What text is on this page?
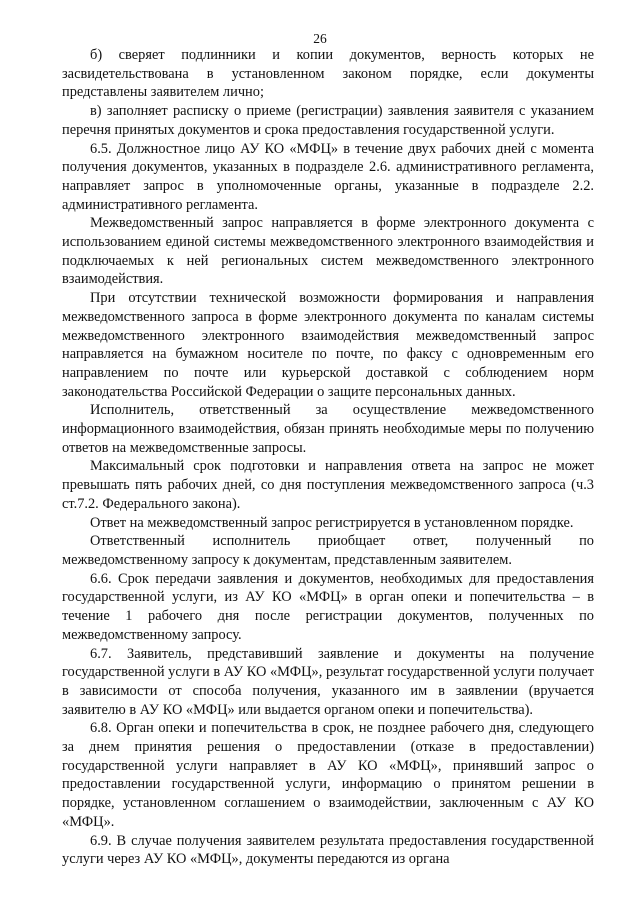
26

б) сверяет подлинники и копии документов, верность которых не засвидетельствована в установленном законом порядке, если документы представлены заявителем лично;

в) заполняет расписку о приеме (регистрации) заявления заявителя с указанием перечня принятых документов и срока предоставления государственной услуги.

6.5. Должностное лицо АУ КО «МФЦ» в течение двух рабочих дней с момента получения документов, указанных в подразделе 2.6. административного регламента, направляет запрос в уполномоченные органы, указанные в подразделе 2.2. административного регламента.

Межведомственный запрос направляется в форме электронного документа с использованием единой системы межведомственного электронного взаимодействия и подключаемых к ней региональных систем межведомственного электронного взаимодействия.

При отсутствии технической возможности формирования и направления межведомственного запроса в форме электронного документа по каналам системы межведомственного электронного взаимодействия межведомственный запрос направляется на бумажном носителе по почте, по факсу с одновременным его направлением по почте или курьерской доставкой с соблюдением норм законодательства Российской Федерации о защите персональных данных.

Исполнитель, ответственный за осуществление межведомственного информационного взаимодействия, обязан принять необходимые меры по получению ответов на межведомственные запросы.

Максимальный срок подготовки и направления ответа на запрос не может превышать пять рабочих дней, со дня поступления межведомственного запроса (ч.3 ст.7.2. Федерального закона).

Ответ на межведомственный запрос регистрируется в установленном порядке.

Ответственный исполнитель приобщает ответ, полученный по межведомственному запросу к документам, представленным заявителем.

6.6. Срок передачи заявления и документов, необходимых для предоставления государственной услуги, из АУ КО «МФЦ» в орган опеки и попечительства – в течение 1 рабочего дня после регистрации документов, полученных по межведомственному запросу.

6.7. Заявитель, представивший заявление и документы на получение государственной услуги в АУ КО «МФЦ», результат государственной услуги получает в зависимости от способа получения, указанного им в заявлении (вручается заявителю в АУ КО «МФЦ» или выдается органом опеки и попечительства).

6.8. Орган опеки и попечительства в срок, не позднее рабочего дня, следующего за днем принятия решения о предоставлении (отказе в предоставлении) государственной услуги направляет в АУ КО «МФЦ», принявший запрос о предоставлении государственной услуги, информацию о принятом решении в порядке, установленном соглашением о взаимодействии, заключенным с АУ КО «МФЦ».

6.9. В случае получения заявителем результата предоставления государственной услуги через АУ КО «МФЦ», документы передаются из органа
